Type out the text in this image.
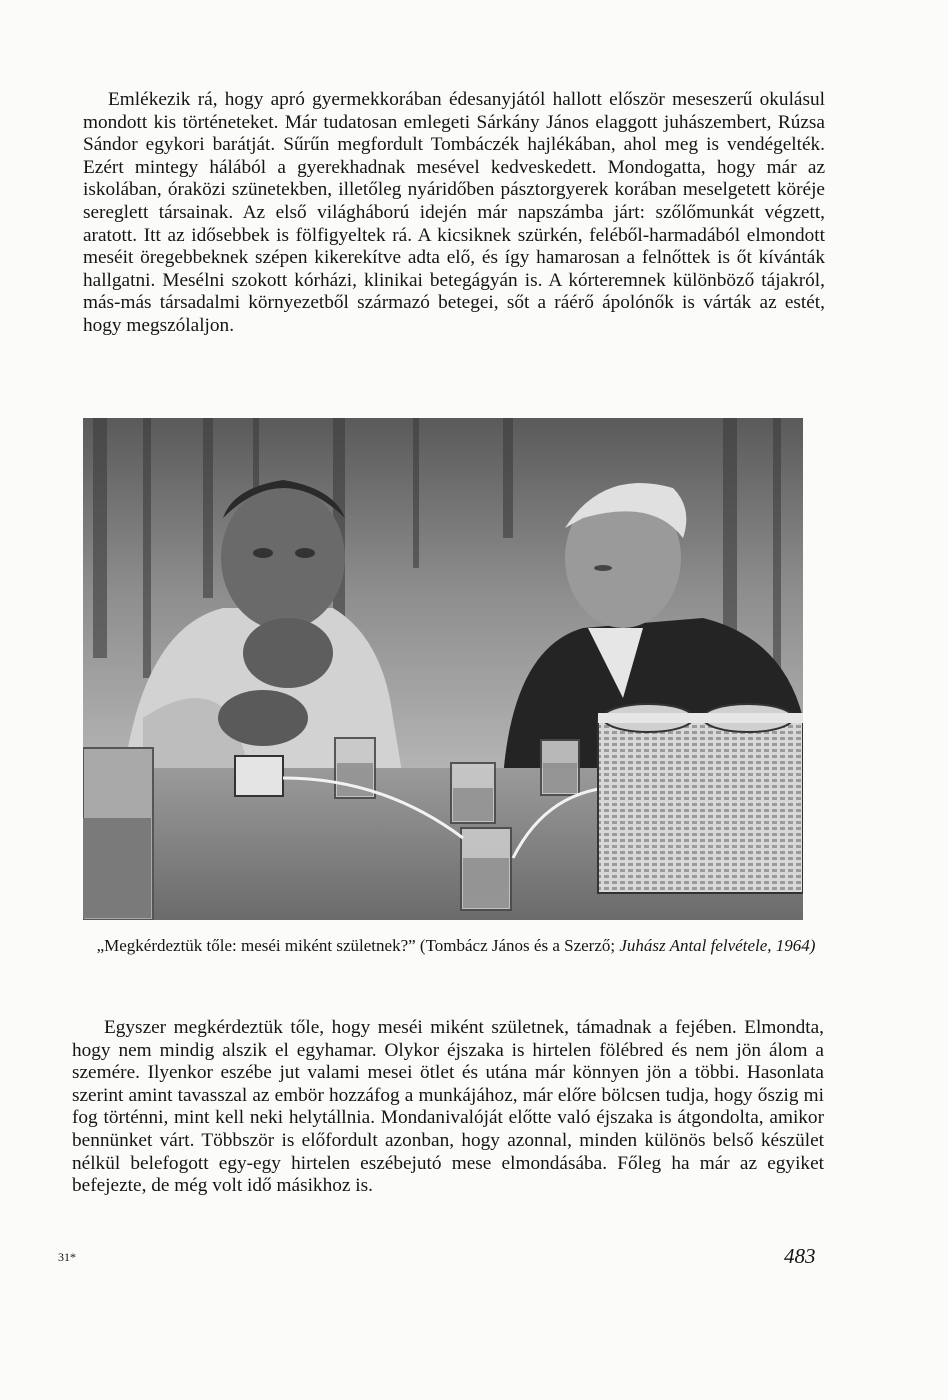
Emlékezik rá, hogy apró gyermekkorában édesanyjától hallott először meseszerű okulásul mondott kis történeteket. Már tudatosan emlegeti Sárkány János elaggott juhászembert, Rúzsa Sándor egykori barátját. Sűrűn megfordult Tombáczék hajlékában, ahol meg is vendégelték. Ezért mintegy hálából a gyerekhadnak mesével kedveskedett. Mondogatta, hogy már az iskolában, óraközi szünetekben, illetőleg nyáridőben pásztorgyerek korában meselgetett köréje sereglett társainak. Az első világháború idején már napszámba járt: szőlőmunkát végzett, aratott. Itt az idősebbek is fölfigyeltek rá. A kicsiknek szürkén, feléből-harmadából elmondott meséit öregebbeknek szépen kikerekítve adta elő, és így hamarosan a felnőttek is őt kívánták hallgatni. Mesélni szokott kórházi, klinikai betegágyán is. A kórteremnek különböző tájakról, más-más társadalmi környezetből származó betegei, sőt a ráérő ápolónők is várták az estét, hogy megszólaljon.

„Megkérdeztük tőle: meséi miként születnek?” (Tombácz János és a Szerző; Juhász Antal felvétele, 1964)

Egyszer megkérdeztük tőle, hogy meséi miként születnek, támadnak a fejében. Elmondta, hogy nem mindig alszik el egyhamar. Olykor éjszaka is hirtelen fölébred és nem jön álom a szemére. Ilyenkor eszébe jut valami mesei ötlet és utána már könnyen jön a többi. Hasonlata szerint amint tavasszal az embör hozzáfog a munkájához, már előre bölcsen tudja, hogy őszig mi fog történni, mint kell neki helytállnia. Mondanivalóját előtte való éjszaka is átgondolta, amikor bennünket várt. Többször is előfordult azonban, hogy azonnal, minden különös belső készület nélkül belefogott egy-egy hirtelen eszébejutó mese elmondásába. Főleg ha már az egyiket befejezte, de még volt idő másikhoz is.

31*	483
